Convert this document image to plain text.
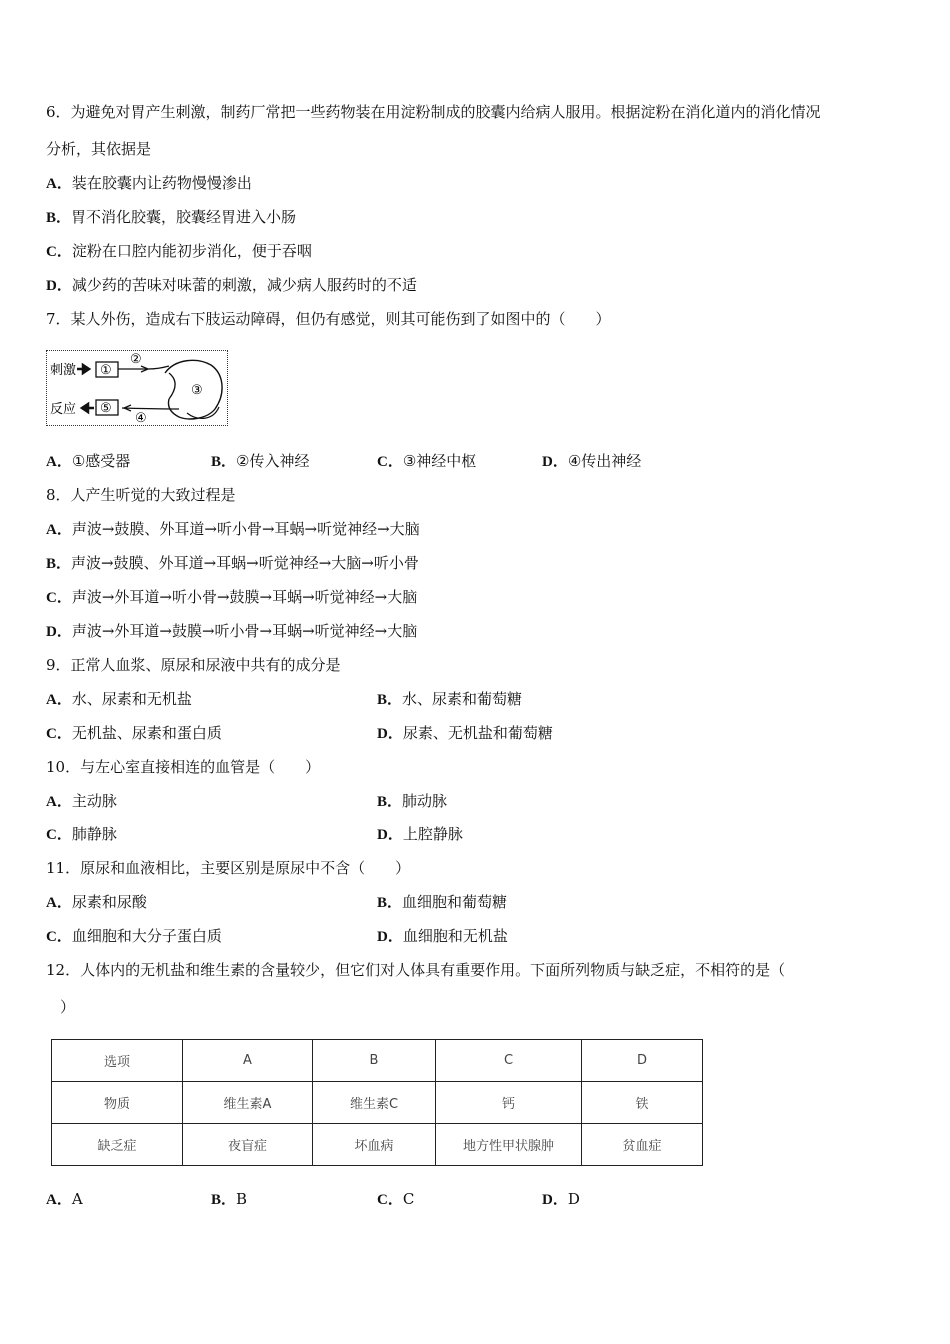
6．为避免对胃产生刺激，制药厂常把一些药物装在用淀粉制成的胶囊内给病人服用。根据淀粉在消化道内的消化情况
分析，其依据是
A．装在胶囊内让药物慢慢渗出
B．胃不消化胶囊，胶囊经胃进入小肠
C．淀粉在口腔内能初步消化，便于吞咽
D．减少药的苦味对味蕾的刺激，减少病人服药时的不适
7．某人外伤，造成右下肢运动障碍，但仍有感觉，则其可能伤到了如图中的（　　）
刺激 ①
②
③
④
⑤
反应
A．①感受器	B．②传入神经	C．③神经中枢	D．④传出神经
8．人产生听觉的大致过程是
A．声波→鼓膜、外耳道→听小骨→耳蜗→听觉神经→大脑
B．声波→鼓膜、外耳道→耳蜗→听觉神经→大脑→听小骨
C．声波→外耳道→听小骨→鼓膜→耳蜗→听觉神经→大脑
D．声波→外耳道→鼓膜→听小骨→耳蜗→听觉神经→大脑
9．正常人血浆、原尿和尿液中共有的成分是
A．水、尿素和无机盐	B．水、尿素和葡萄糖
C．无机盐、尿素和蛋白质	D．尿素、无机盐和葡萄糖
10．与左心室直接相连的血管是（　　）
A．主动脉	B．肺动脉
C．肺静脉	D．上腔静脉
11．原尿和血液相比，主要区别是原尿中不含（　　）
A．尿素和尿酸	B．血细胞和葡萄糖
C．血细胞和大分子蛋白质	D．血细胞和无机盐
12．人体内的无机盐和维生素的含量较少，但它们对人体具有重要作用。下面所列物质与缺乏症，不相符的是（
）
选项	A	B	C	D
物质	维生素A	维生素C	钙	铁
缺乏症	夜盲症	坏血病	地方性甲状腺肿	贫血症
A．A	B．B	C．C	D．D
